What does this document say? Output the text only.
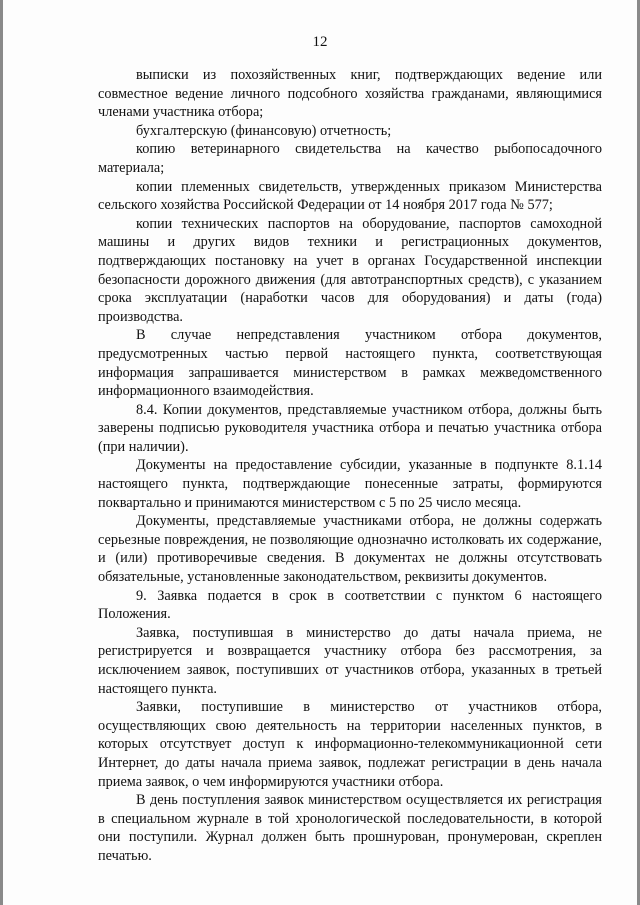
12

выписки из похозяйственных книг, подтверждающих ведение или совместное ведение личного подсобного хозяйства гражданами, являющимися членами участника отбора;

бухгалтерскую (финансовую) отчетность;

копию ветеринарного свидетельства на качество рыбопосадочного материала;

копии племенных свидетельств, утвержденных приказом Министерства сельского хозяйства Российской Федерации от 14 ноября 2017 года № 577;

копии технических паспортов на оборудование, паспортов самоходной машины и других видов техники и регистрационных документов, подтверждающих постановку на учет в органах Государственной инспекции безопасности дорожного движения (для автотранспортных средств), с указанием срока эксплуатации (наработки часов для оборудования) и даты (года) производства.

В случае непредставления участником отбора документов, предусмотренных частью первой настоящего пункта, соответствующая информация запрашивается министерством в рамках межведомственного информационного взаимодействия.

8.4. Копии документов, представляемые участником отбора, должны быть заверены подписью руководителя участника отбора и печатью участника отбора (при наличии).

Документы на предоставление субсидии, указанные в подпункте 8.1.14 настоящего пункта, подтверждающие понесенные затраты, формируются поквартально и принимаются министерством с 5 по 25 число месяца.

Документы, представляемые участниками отбора, не должны содержать серьезные повреждения, не позволяющие однозначно истолковать их содержание, и (или) противоречивые сведения. В документах не должны отсутствовать обязательные, установленные законодательством, реквизиты документов.

9. Заявка подается в срок в соответствии с пунктом 6 настоящего Положения.

Заявка, поступившая в министерство до даты начала приема, не регистрируется и возвращается участнику отбора без рассмотрения, за исключением заявок, поступивших от участников отбора, указанных в третьей настоящего пункта.

Заявки, поступившие в министерство от участников отбора, осуществляющих свою деятельность на территории населенных пунктов, в которых отсутствует доступ к информационно-телекоммуникационной сети Интернет, до даты начала приема заявок, подлежат регистрации в день начала приема заявок, о чем информируются участники отбора.

В день поступления заявок министерством осуществляется их регистрация в специальном журнале в той хронологической последовательности, в которой они поступили. Журнал должен быть прошнурован, пронумерован, скреплен печатью.
